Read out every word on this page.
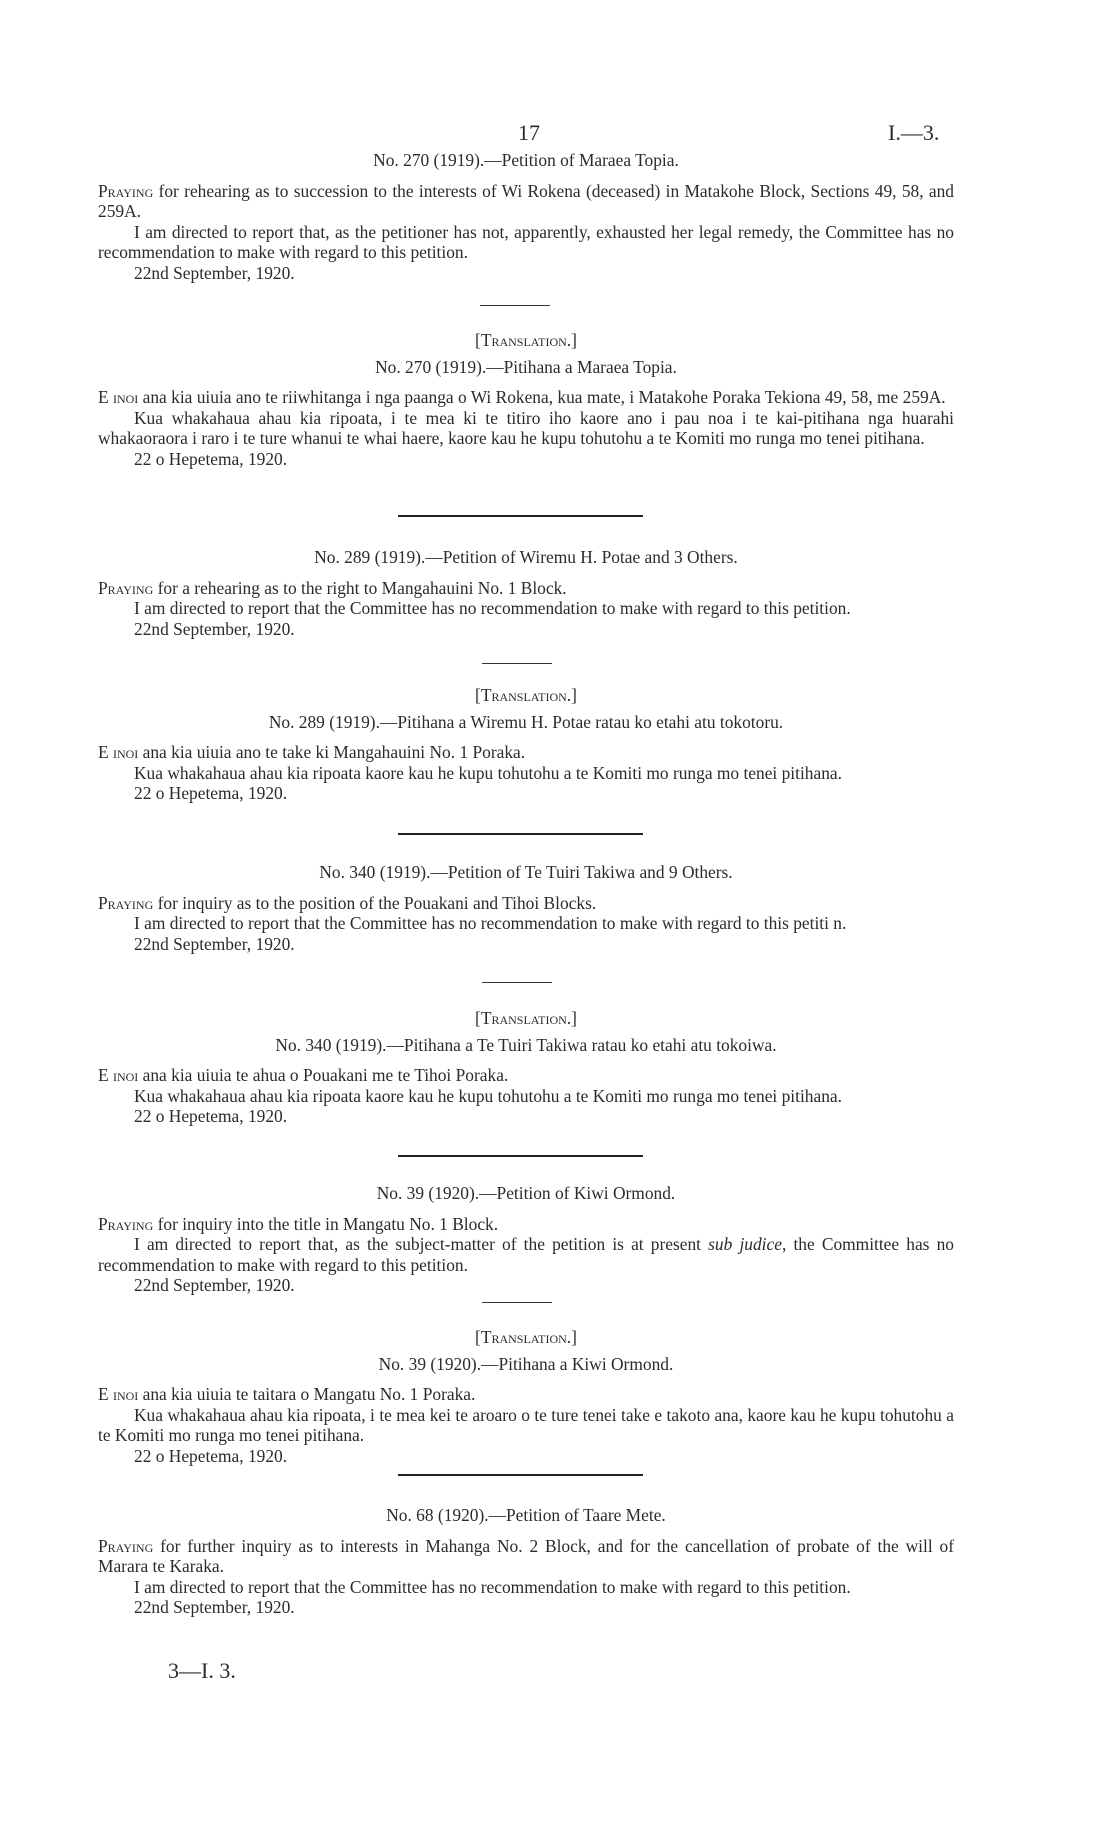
17	I.—3.

No. 270 (1919).—Petition of Maraea Topia.

Praying for rehearing as to succession to the interests of Wi Rokena (deceased) in Matakohe Block, Sections 49, 58, and 259A.

I am directed to report that, as the petitioner has not, apparently, exhausted her legal remedy, the Committee has no recommendation to make with regard to this petition.

22nd September, 1920.

[Translation.]

No. 270 (1919).—Pitihana a Maraea Topia.

E inoi ana kia uiuia ano te riiwhitanga i nga paanga o Wi Rokena, kua mate, i Matakohe Poraka Tekiona 49, 58, me 259A.

Kua whakahaua ahau kia ripoata, i te mea ki te titiro iho kaore ano i pau noa i te kai-pitihana nga huarahi whakaoraora i raro i te ture whanui te whai haere, kaore kau he kupu tohutohu a te Komiti mo runga mo tenei pitihana.

22 o Hepetema, 1920.

No. 289 (1919).—Petition of Wiremu H. Potae and 3 Others.

Praying for a rehearing as to the right to Mangahauini No. 1 Block.

I am directed to report that the Committee has no recommendation to make with regard to this petition.

22nd September, 1920.

[Translation.]

No. 289 (1919).—Pitihana a Wiremu H. Potae ratau ko etahi atu tokotoru.

E inoi ana kia uiuia ano te take ki Mangahauini No. 1 Poraka.

Kua whakahaua ahau kia ripoata kaore kau he kupu tohutohu a te Komiti mo runga mo tenei pitihana.

22 o Hepetema, 1920.

No. 340 (1919).—Petition of Te Tuiri Takiwa and 9 Others.

Praying for inquiry as to the position of the Pouakani and Tihoi Blocks.

I am directed to report that the Committee has no recommendation to make with regard to this petiti n.

22nd September, 1920.

[Translation.]

No. 340 (1919).—Pitihana a Te Tuiri Takiwa ratau ko etahi atu tokoiwa.

E inoi ana kia uiuia te ahua o Pouakani me te Tihoi Poraka.

Kua whakahaua ahau kia ripoata kaore kau he kupu tohutohu a te Komiti mo runga mo tenei pitihana.

22 o Hepetema, 1920.

No. 39 (1920).—Petition of Kiwi Ormond.

Praying for inquiry into the title in Mangatu No. 1 Block.

I am directed to report that, as the subject-matter of the petition is at present sub judice, the Committee has no recommendation to make with regard to this petition.

22nd September, 1920.

[Translation.]

No. 39 (1920).—Pitihana a Kiwi Ormond.

E inoi ana kia uiuia te taitara o Mangatu No. 1 Poraka.

Kua whakahaua ahau kia ripoata, i te mea kei te aroaro o te ture tenei take e takoto ana, kaore kau he kupu tohutohu a te Komiti mo runga mo tenei pitihana.

22 o Hepetema, 1920.

No. 68 (1920).—Petition of Taare Mete.

Praying for further inquiry as to interests in Mahanga No. 2 Block, and for the cancellation of probate of the will of Marara te Karaka.

I am directed to report that the Committee has no recommendation to make with regard to this petition.

22nd September, 1920.

3—I. 3.
